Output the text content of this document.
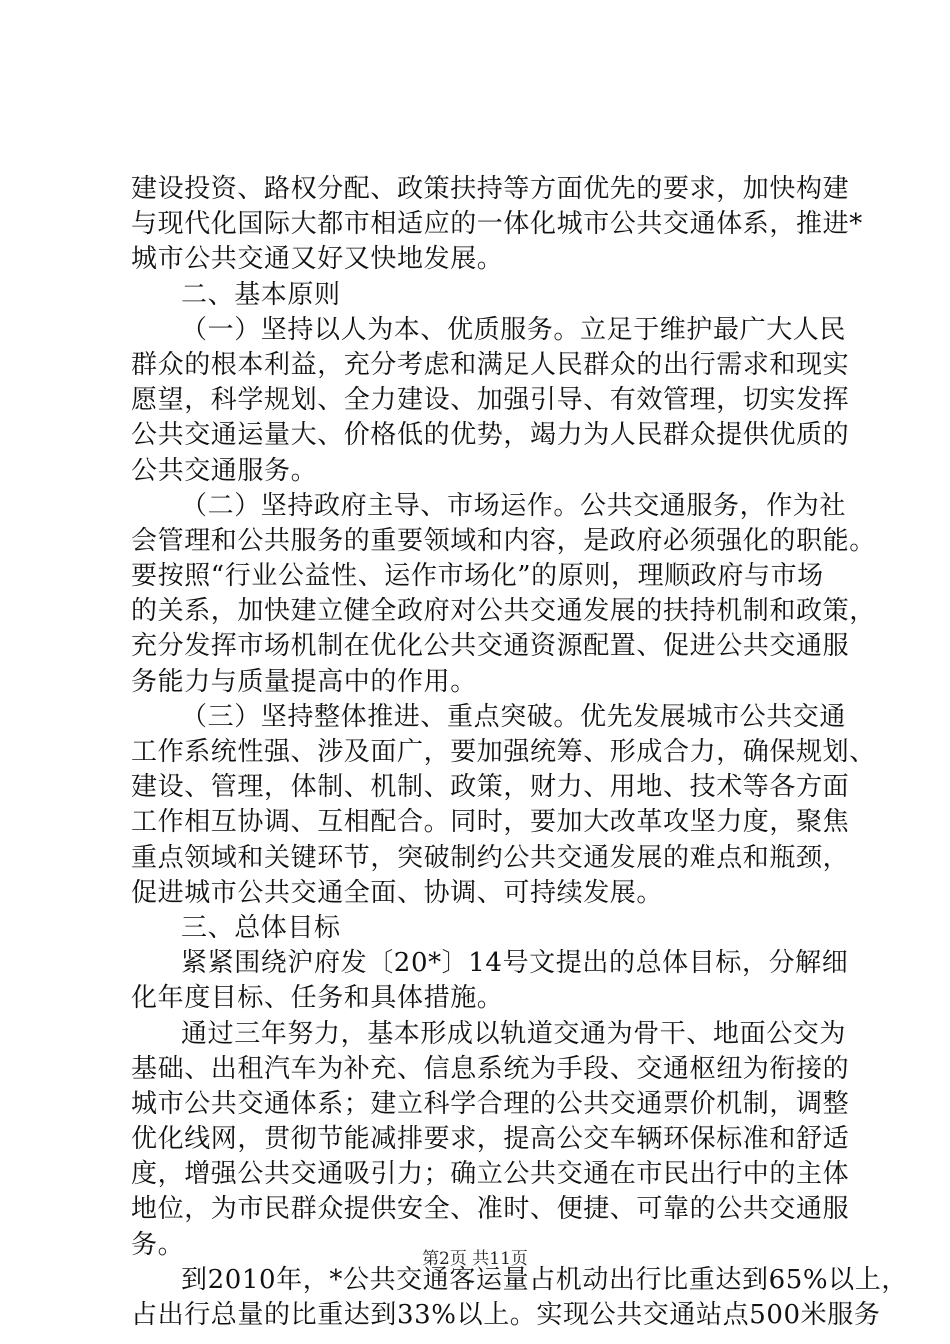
建设投资、路权分配、政策扶持等方面优先的要求，加快构建
与现代化国际大都市相适应的一体化城市公共交通体系，推进*
城市公共交通又好又快地发展。
二、基本原则
（一）坚持以人为本、优质服务。立足于维护最广大人民
群众的根本利益，充分考虑和满足人民群众的出行需求和现实
愿望，科学规划、全力建设、加强引导、有效管理，切实发挥
公共交通运量大、价格低的优势，竭力为人民群众提供优质的
公共交通服务。
（二）坚持政府主导、市场运作。公共交通服务，作为社
会管理和公共服务的重要领域和内容，是政府必须强化的职能。
要按照“行业公益性、运作市场化”的原则，理顺政府与市场
的关系，加快建立健全政府对公共交通发展的扶持机制和政策，
充分发挥市场机制在优化公共交通资源配置、促进公共交通服
务能力与质量提高中的作用。
（三）坚持整体推进、重点突破。优先发展城市公共交通
工作系统性强、涉及面广，要加强统筹、形成合力，确保规划、
建设、管理，体制、机制、政策，财力、用地、技术等各方面
工作相互协调、互相配合。同时，要加大改革攻坚力度，聚焦
重点领域和关键环节，突破制约公共交通发展的难点和瓶颈，
促进城市公共交通全面、协调、可持续发展。
三、总体目标
紧紧围绕沪府发〔20*〕14号文提出的总体目标，分解细
化年度目标、任务和具体措施。
通过三年努力，基本形成以轨道交通为骨干、地面公交为
基础、出租汽车为补充、信息系统为手段、交通枢纽为衔接的
城市公共交通体系；建立科学合理的公共交通票价机制，调整
优化线网，贯彻节能减排要求，提高公交车辆环保标准和舒适
度，增强公共交通吸引力；确立公共交通在市民出行中的主体
地位，为市民群众提供安全、准时、便捷、可靠的公共交通服
务。
到2010年，*公共交通客运量占机动出行比重达到65%以上，
占出行总量的比重达到33%以上。实现公共交通站点500米服务
第2页 共11页
